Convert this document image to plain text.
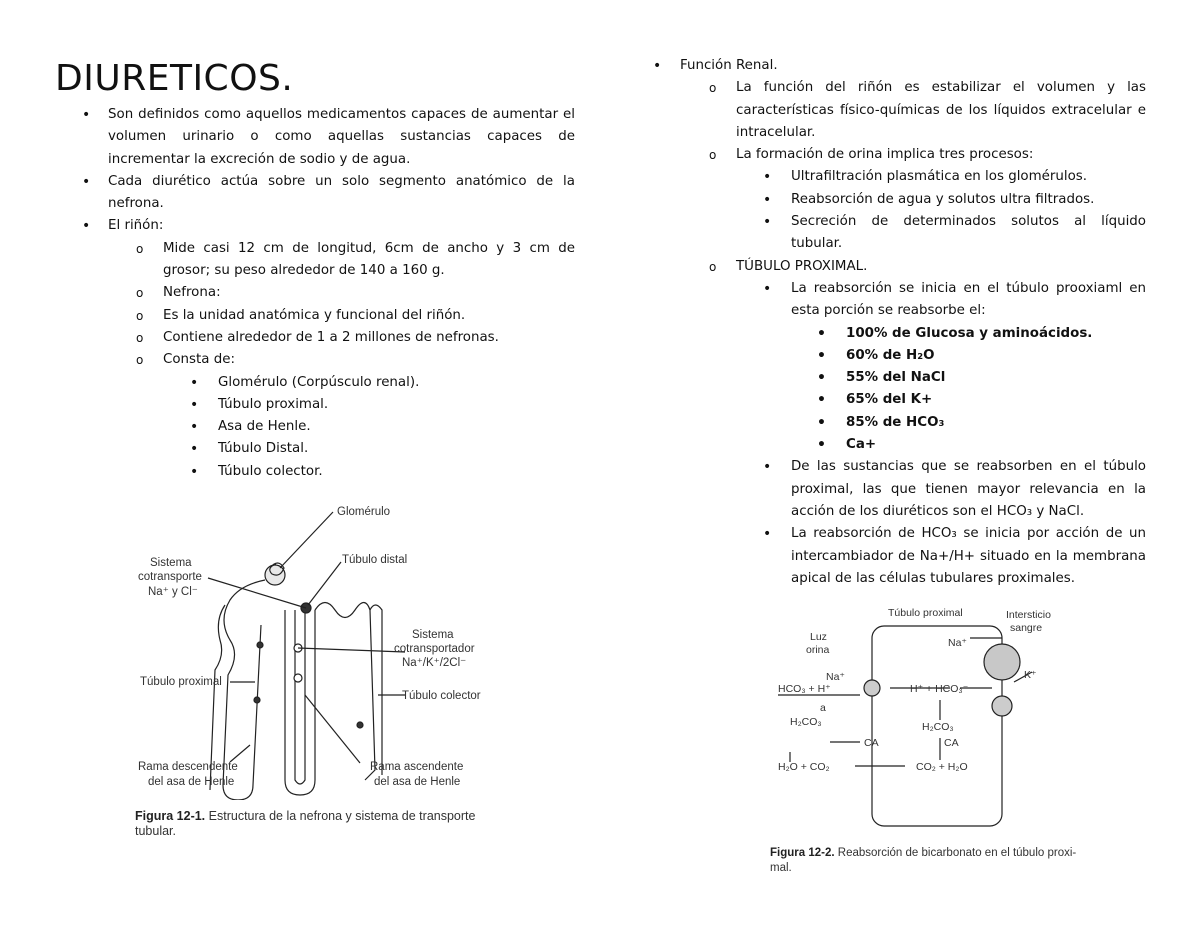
DIURETICOS.
• Son definidos como aquellos medicamentos capaces de aumentar el volumen urinario o como aquellas sustancias capaces de incrementar la excreción de sodio y de agua.
• Cada diurético actúa sobre un solo segmento anatómico de la nefrona.
• El riñón:
o Mide casi 12 cm de longitud, 6cm de ancho y 3 cm de grosor; su peso alrededor de 140 a 160 g.
o Nefrona:
o Es la unidad anatómica y funcional del riñón.
o Contiene alrededor de 1 a 2 millones de nefronas.
o Consta de:
• Glomérulo (Corpúsculo renal).
• Túbulo proximal.
• Asa de Henle.
• Túbulo Distal.
• Túbulo colector.
• Función Renal.
o La función del riñón es estabilizar el volumen y las características físico-químicas de los líquidos extracelular e intracelular.
o La formación de orina implica tres procesos:
• Ultrafiltración plasmática en los glomérulos.
• Reabsorción de agua y solutos ultra filtrados.
• Secreción de determinados solutos al líquido tubular.
o TÚBULO PROXIMAL.
• La reabsorción se inicia en el túbulo prooxiaml en esta porción se reabsorbe el:
• 100% de Glucosa y aminoácidos.
• 60% de H₂O
• 55% del NaCl
• 65% del K+
• 85% de HCO₃
• Ca+
• De las sustancias que se reabsorben en el túbulo proximal, las que tienen mayor relevancia en la acción de los diuréticos son el HCO₃ y NaCl.
• La reabsorción de HCO₃ se inicia por acción de un intercambiador de Na+/H+ situado en la membrana apical de las células tubulares proximales.
Glomérulo
Sistema
cotransporte
Na⁺ y Cl⁻
Túbulo distal
Sistema
cotransportador
Na⁺/K⁺/2Cl⁻
Túbulo proximal
Túbulo colector
Rama descendente
del asa de Henle
Rama ascendente
del asa de Henle
Figura 12-1. Estructura de la nefrona y sistema de transporte
tubular.
Túbulo proximal	Intersticio
sangre
Luz
orina
Na⁺
Na⁺
HCO₃ + H⁺
a
H₂CO₃
CA
H₂O + CO₂
H⁺ + HCO₃⁻
K⁺
H₂CO₃
CA
CO₂ + H₂O
Figura 12-2. Reabsorción de bicarbonato en el túbulo proxi-
mal.
